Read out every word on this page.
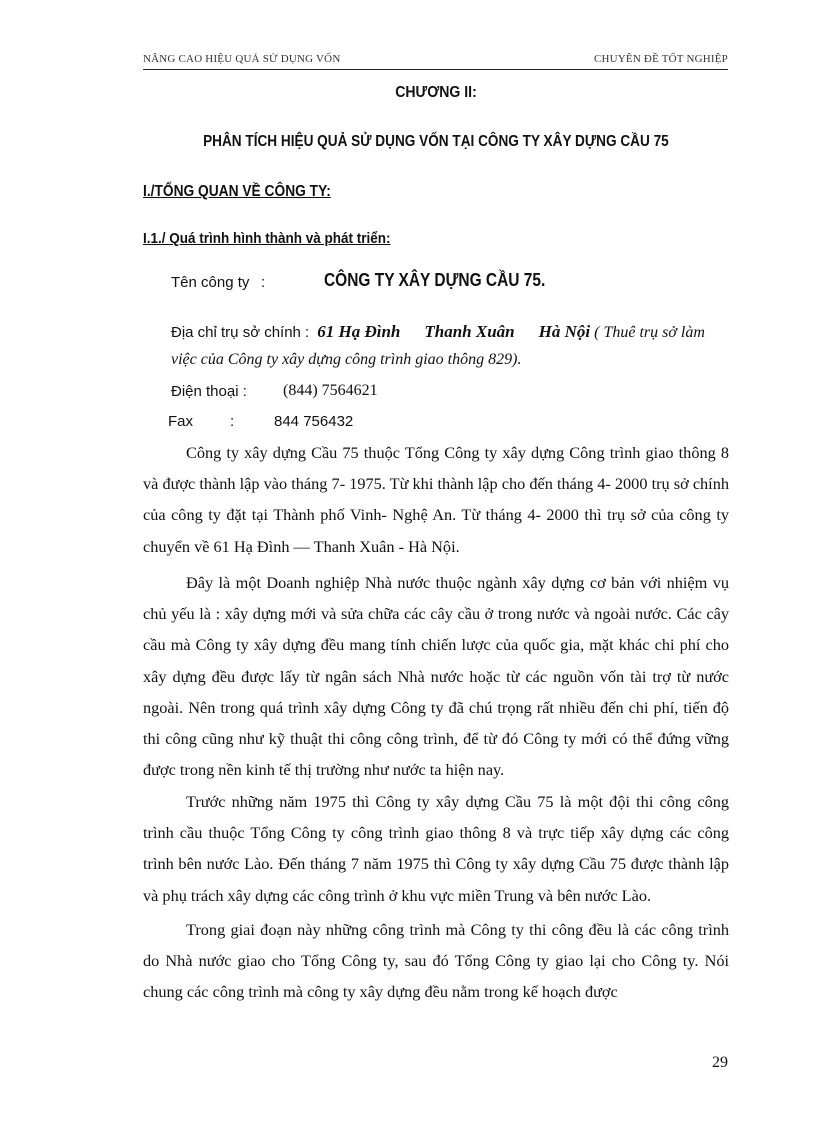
NÂNG CAO HIỆU QUẢ SỬ DỤNG VỐN	CHUYÊN ĐỀ TỐT NGHIỆP
CHƯƠNG II:
PHÂN TÍCH HIỆU QUẢ SỬ DỤNG VỐN TẠI CÔNG TY XÂY DỰNG CẦU 75
I./TỔNG QUAN VỀ CÔNG TY:
I.1./ Quá trình hình thành và phát triển:
Tên công ty :	CÔNG TY XÂY DỰNG CẦU 75.
Địa chỉ trụ sở chính : 61 Hạ Đình Thanh Xuân Hà Nội ( Thuê trụ sở làm việc của Công ty xây dựng công trình giao thông 829).
Điện thoại : (844) 7564621
Fax :	844 756432

Công ty xây dựng Cầu 75 thuộc Tổng Công ty xây dựng Công trình giao thông 8 và được thành lập vào tháng 7- 1975. Từ khi thành lập cho đến tháng 4- 2000 trụ sở chính của công ty đặt tại Thành phố Vinh- Nghệ An. Từ tháng 4- 2000 thì trụ sở của công ty chuyển về 61 Hạ Đình — Thanh Xuân - Hà Nội.

Đây là một Doanh nghiệp Nhà nước thuộc ngành xây dựng cơ bản với nhiệm vụ chủ yếu là : xây dựng mới và sửa chữa các cây cầu ở trong nước và ngoài nước. Các cây cầu mà Công ty xây dựng đều mang tính chiến lược của quốc gia, mặt khác chi phí cho xây dựng đều được lấy từ ngân sách Nhà nước hoặc từ các nguồn vốn tài trợ từ nước ngoài. Nên trong quá trình xây dựng Công ty đã chú trọng rất nhiều đến chi phí, tiến độ thi công cũng như kỹ thuật thi công công trình, để từ đó Công ty mới có thể đứng vững được trong nền kinh tế thị trường như nước ta hiện nay.

Trước những năm 1975 thì Công ty xây dựng Cầu 75 là một đội thi công công trình cầu thuộc Tổng Công ty công trình giao thông 8 và trực tiếp xây dựng các công trình bên nước Lào. Đến tháng 7 năm 1975 thì Công ty xây dựng Cầu 75 được thành lập và phụ trách xây dựng các công trình ở khu vực miền Trung và bên nước Lào.

Trong giai đoạn này những công trình mà Công ty thi công đều là các công trình do Nhà nước giao cho Tổng Công ty, sau đó Tổng Công ty giao lại cho Công ty. Nói chung các công trình mà công ty xây dựng đều nằm trong kế hoạch được

29
